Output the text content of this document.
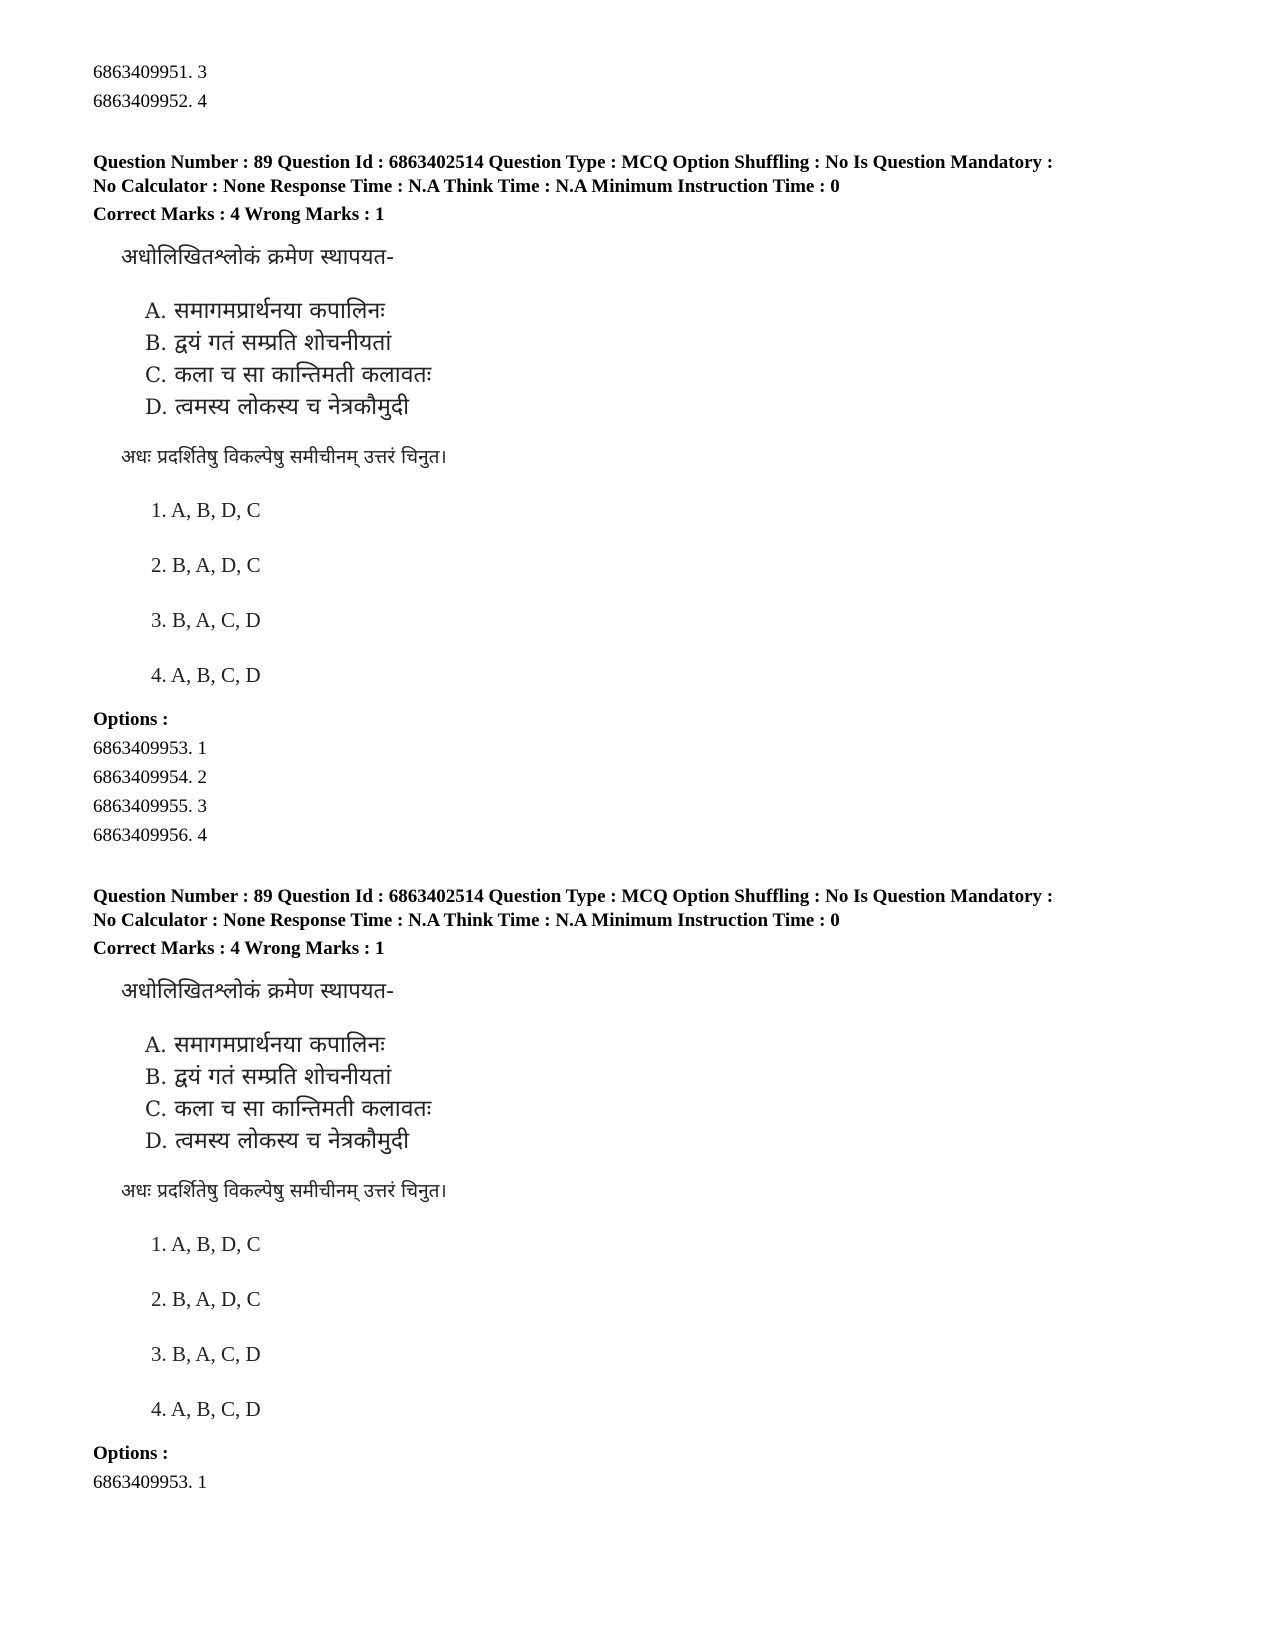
6863409951. 3
6863409952. 4
Question Number : 89 Question Id : 6863402514 Question Type : MCQ Option Shuffling : No Is Question Mandatory :
No Calculator : None Response Time : N.A Think Time : N.A Minimum Instruction Time : 0
Correct Marks : 4 Wrong Marks : 1
अधोलिखितश्लोकं क्रमेण स्थापयत-
A. समागमप्रार्थनया कपालिनः
B. द्वयं गतं सम्प्रति शोचनीयतां
C. कला च सा कान्तिमती कलावतः
D. त्वमस्य लोकस्य च नेत्रकौमुदी
अधः प्रदर्शितेषु विकल्पेषु समीचीनम् उत्तरं चिनुत।
1. A, B, D, C
2. B, A, D, C
3. B, A, C, D
4. A, B, C, D
Options :
6863409953. 1
6863409954. 2
6863409955. 3
6863409956. 4
Question Number : 89 Question Id : 6863402514 Question Type : MCQ Option Shuffling : No Is Question Mandatory :
No Calculator : None Response Time : N.A Think Time : N.A Minimum Instruction Time : 0
Correct Marks : 4 Wrong Marks : 1
अधोलिखितश्लोकं क्रमेण स्थापयत-
A. समागमप्रार्थनया कपालिनः
B. द्वयं गतं सम्प्रति शोचनीयतां
C. कला च सा कान्तिमती कलावतः
D. त्वमस्य लोकस्य च नेत्रकौमुदी
अधः प्रदर्शितेषु विकल्पेषु समीचीनम् उत्तरं चिनुत।
1. A, B, D, C
2. B, A, D, C
3. B, A, C, D
4. A, B, C, D
Options :
6863409953. 1
